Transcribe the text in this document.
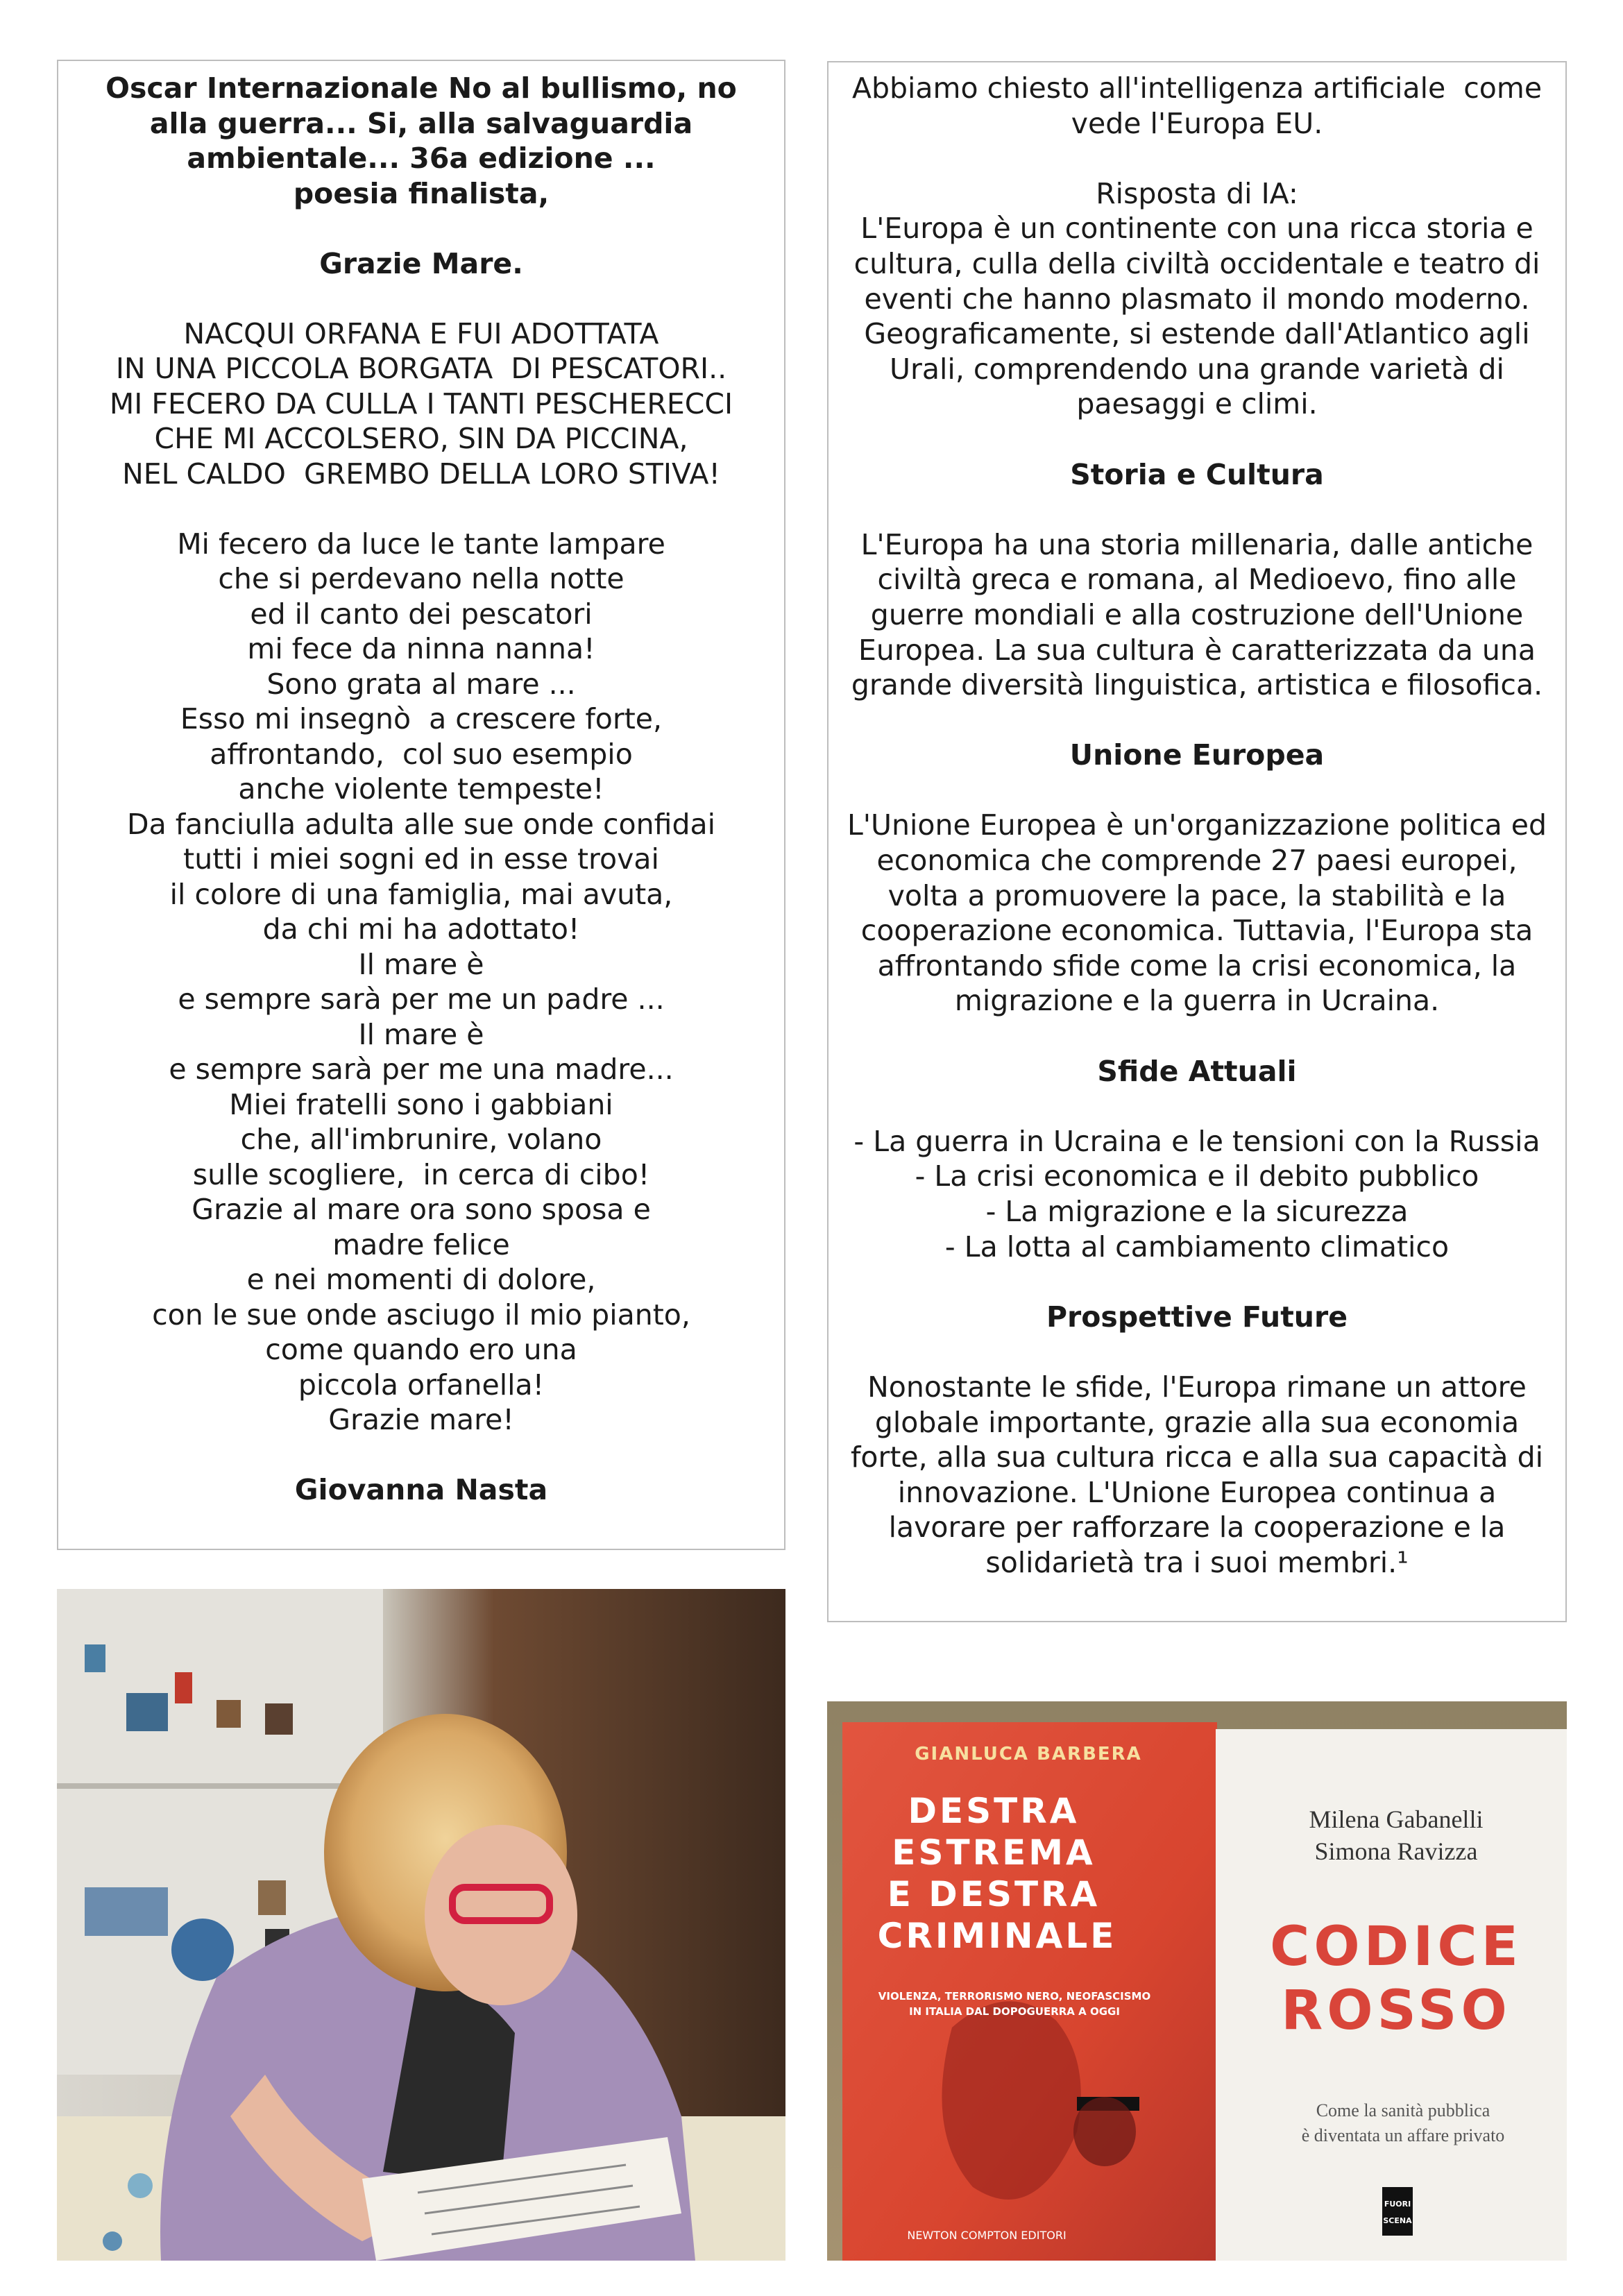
Oscar Internazionale No al bullismo, no

alla guerra... Si, alla salvaguardia

ambientale... 36a edizione ...

poesia finalista,

Grazie Mare.

NACQUI ORFANA E FUI ADOTTATA

IN UNA PICCOLA BORGATA  DI PESCATORI..

MI FECERO DA CULLA I TANTI PESCHERECCI

CHE MI ACCOLSERO, SIN DA PICCINA,

NEL CALDO  GREMBO DELLA LORO STIVA!

Mi fecero da luce le tante lampare

che si perdevano nella notte

ed il canto dei pescatori

mi fece da ninna nanna!

Sono grata al mare ...

Esso mi insegnò  a crescere forte,

affrontando,  col suo esempio

anche violente tempeste!

Da fanciulla adulta alle sue onde confidai

tutti i miei sogni ed in esse trovai

il colore di una famiglia, mai avuta,

da chi mi ha adottato!

Il mare è

e sempre sarà per me un padre ...

Il mare è

e sempre sarà per me una madre...

Miei fratelli sono i gabbiani

che, all'imbrunire, volano

sulle scogliere,  in cerca di cibo!

Grazie al mare ora sono sposa e

madre felice

e nei momenti di dolore,

con le sue onde asciugo il mio pianto,

come quando ero una

piccola orfanella!

Grazie mare!

Giovanna Nasta

Abbiamo chiesto all'intelligenza artificiale  come

vede l'Europa EU.

Risposta di IA:

L'Europa è un continente con una ricca storia e

cultura, culla della civiltà occidentale e teatro di

eventi che hanno plasmato il mondo moderno.

Geograficamente, si estende dall'Atlantico agli

Urali, comprendendo una grande varietà di

paesaggi e climi.

Storia e Cultura

L'Europa ha una storia millenaria, dalle antiche

civiltà greca e romana, al Medioevo, fino alle

guerre mondiali e alla costruzione dell'Unione

Europea. La sua cultura è caratterizzata da una

grande diversità linguistica, artistica e filosofica.

Unione Europea

L'Unione Europea è un'organizzazione politica ed

economica che comprende 27 paesi europei,

volta a promuovere la pace, la stabilità e la

cooperazione economica. Tuttavia, l'Europa sta

affrontando sfide come la crisi economica, la

migrazione e la guerra in Ucraina.

Sfide Attuali

- La guerra in Ucraina e le tensioni con la Russia

- La crisi economica e il debito pubblico

- La migrazione e la sicurezza

- La lotta al cambiamento climatico

Prospettive Future

Nonostante le sfide, l'Europa rimane un attore

globale importante, grazie alla sua economia

forte, alla sua cultura ricca e alla sua capacità di

innovazione. L'Unione Europea continua a

lavorare per rafforzare la cooperazione e la

solidarietà tra i suoi membri.¹

GIANLUCA BARBERA
DESTRA
ESTREMA
E DESTRA
CRIMINALE
VIOLENZA, TERRORISMO NERO, NEOFASCISMO
IN ITALIA DAL DOPOGUERRA A OGGI
NEWTON COMPTON EDITORI
Milena Gabanelli
Simona Ravizza
CODICE
ROSSO
Come la sanità pubblica
è diventata un affare privato
FUORI
SCENA
